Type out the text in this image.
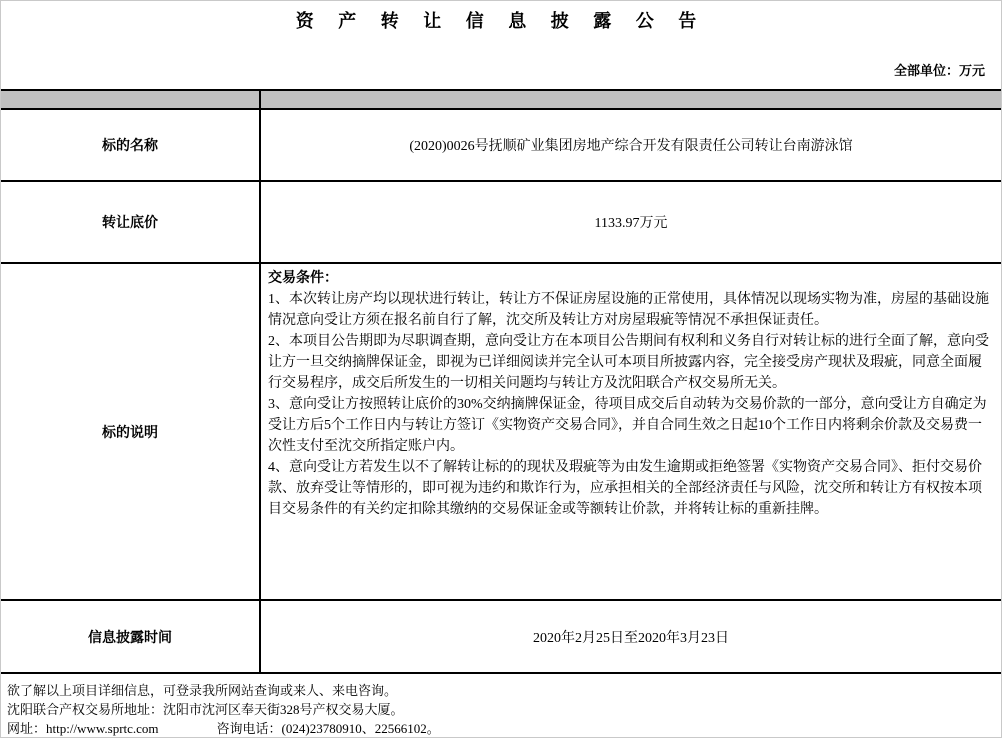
资 产 转 让 信 息 披 露 公 告
全部单位：万元
标的名称	(2020)0026号抚顺矿业集团房地产综合开发有限责任公司转让台南游泳馆
转让底价	1133.97万元
标的说明

交易条件：

1、本次转让房产均以现状进行转让，转让方不保证房屋设施的正常使用，具体情况以现场实物为准，房屋的基础设施情况意向受让方须在报名前自行了解，沈交所及转让方对房屋瑕疵等情况不承担保证责任。

2、本项目公告期即为尽职调查期，意向受让方在本项目公告期间有权利和义务自行对转让标的进行全面了解，意向受让方一旦交纳摘牌保证金，即视为已详细阅读并完全认可本项目所披露内容，完全接受房产现状及瑕疵，同意全面履行交易程序，成交后所发生的一切相关问题均与转让方及沈阳联合产权交易所无关。

3、意向受让方按照转让底价的30%交纳摘牌保证金，待项目成交后自动转为交易价款的一部分，意向受让方自确定为受让方后5个工作日内与转让方签订《实物资产交易合同》，并自合同生效之日起10个工作日内将剩余价款及交易费一次性支付至沈交所指定账户内。

4、意向受让方若发生以不了解转让标的的现状及瑕疵等为由发生逾期或拒绝签署《实物资产交易合同》、拒付交易价款、放弃受让等情形的，即可视为违约和欺诈行为，应承担相关的全部经济责任与风险，沈交所和转让方有权按本项目交易条件的有关约定扣除其缴纳的交易保证金或等额转让价款，并将转让标的重新挂牌。

信息披露时间	2020年2月25日至2020年3月23日
欲了解以上项目详细信息，可登录我所网站查询或来人、来电咨询。
沈阳联合产权交易所地址：沈阳市沈河区奉天街328号产权交易大厦。
网址：http://www.sprtc.com	咨询电话：(024)23780910、22566102。
